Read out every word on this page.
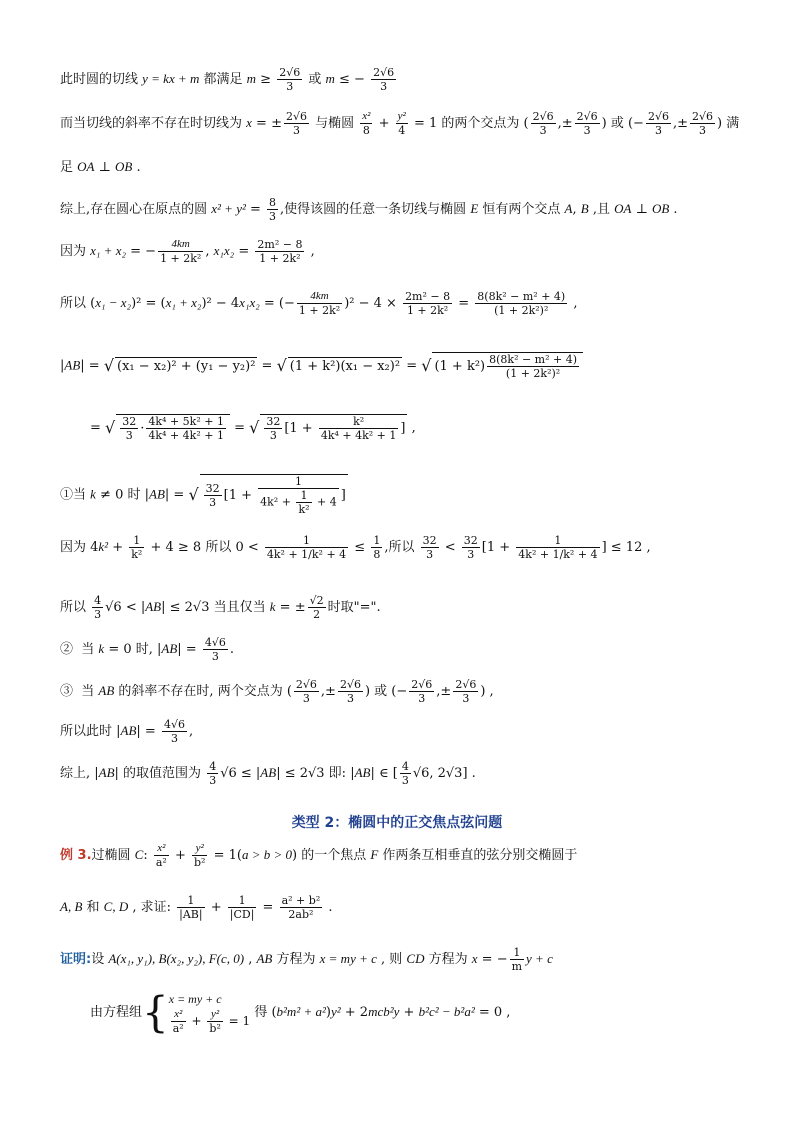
此时圆的切线 y = kx + m 都满足 $m \ge \frac{2√6}{3}$ 或 m ≤ − $\frac{2√6}{3}$
而当切线的斜率不存在时切线为 x = ± $\frac{2√6}{3}$ 与椭圆 $\frac{\text{x²}}{8} + \frac{\text{y²}}{4} = 1$ 的两个交点为 ( $\frac{2√6}{3}$ ,± $\frac{2√6}{3}$ ) 或 (− $\frac{2√6}{3}$ ,± $\frac{2√6}{3}$ ) 满
足 OA ⊥ OB .
综上,存在圆心在原点的圆 $x^2 + y^2 = \frac{8}{3}$ ,使得该圆的任意一条切线与椭圆 E 恒有两个交点 A, B ,且 OA ⊥ OB .
因为 x₁ + x₂ = − $\frac{4km}{\text{1 + 2k²}}$ , $x_1x_2 = \frac{\text{2m² − 8}}{\text{1 + 2k²}}$ ,
所以 (x₁ − x₂)² = (x₁ + x₂)² − 4x₁x₂ = (− $\frac{4km}{\text{1 + 2k²}} )^2 - 4 \times \frac{\text{2m² − 8}}{\text{1 + 2k²}} = \frac{\text{8(8k² − m² + 4)}}{\text{(1 + 2k²)²}}$ ,
|AB| = √ (x₁ − x₂)² + (y₁ − y₂)² = √ (1 + k²)(x₁ − x₂)² = √ $(1 + k^2) \frac{\text{8(8k² − m² + 4)}}{\text{(1 + 2k²)²}}$
= √ $\frac{32}{3} \cdot \frac{\text{4k⁴ + 5k² + 1}}{\text{4k⁴ + 4k² + 1}}$ = √ $\frac{32}{3} [1 + \frac{\text{k²}}{\text{4k⁴ + 4k² + 1}}$ ] ,
①当 k ≠ 0 时 |AB| = √ $\frac{32}{3} [1 + \frac{1}{4k^2 + \frac{1}{\text{k²}} + 4}$ ]
因为 $4k^2 + \frac{1}{\text{k²}} + 4 \ge 8$ 所以 $0 < \frac{1}{\text{4k² + 1/k² + 4}} \le \frac{1}{8}$ ,所以 $\frac{32}{3} < \frac{32}{3} [1 + \frac{1}{\text{4k² + 1/k² + 4}}$ ] ≤ 12 ,
所以 $\frac{4}{3} √6 < |AB| \le 2√3$ 当且仅当 k = ± $\frac{√2}{2}$ 时取"=".
②  当 k = 0 时, $|AB| = \frac{4√6}{3}$ .
③  当 AB 的斜率不存在时, 两个交点为 ( $\frac{2√6}{3}$ ,± $\frac{2√6}{3}$ ) 或 (− $\frac{2√6}{3}$ ,± $\frac{2√6}{3}$ ) ,
所以此时 $|AB| = \frac{4√6}{3}$ ,
综上, |AB| 的取值范围为 $\frac{4}{3} √6 \le |AB| \le 2√3$ 即: |AB| ∈ [ $\frac{4}{3} √6$, 2√3] .
类型 2：椭圆中的正交焦点弦问题
例 3.过椭圆 C: $\frac{\text{x²}}{\text{a²}} + \frac{\text{y²}}{\text{b²}} = 1(a > b > 0)$ 的一个焦点 F 作两条互相垂直的弦分别交椭圆于
A, B 和 C, D , 求证: $\frac{1}{|AB|} + \frac{1}{|CD|} = \frac{\text{a² + b²}}{\text{2ab²}}$ .
证明:设 A(x₁, y₁), B(x₂, y₂), F(c, 0) , AB 方程为 x = my + c , 则 CD 方程为 x = − $\frac{1}{m}$ y + c
由方程组{ x = my + c
$\frac{\text{x²}}{\text{a²}} + \frac{\text{y²}}{\text{b²}} = 1$
得 (b²m² + a²)y² + 2mcb²y + b²c² − b²a² = 0 ,
